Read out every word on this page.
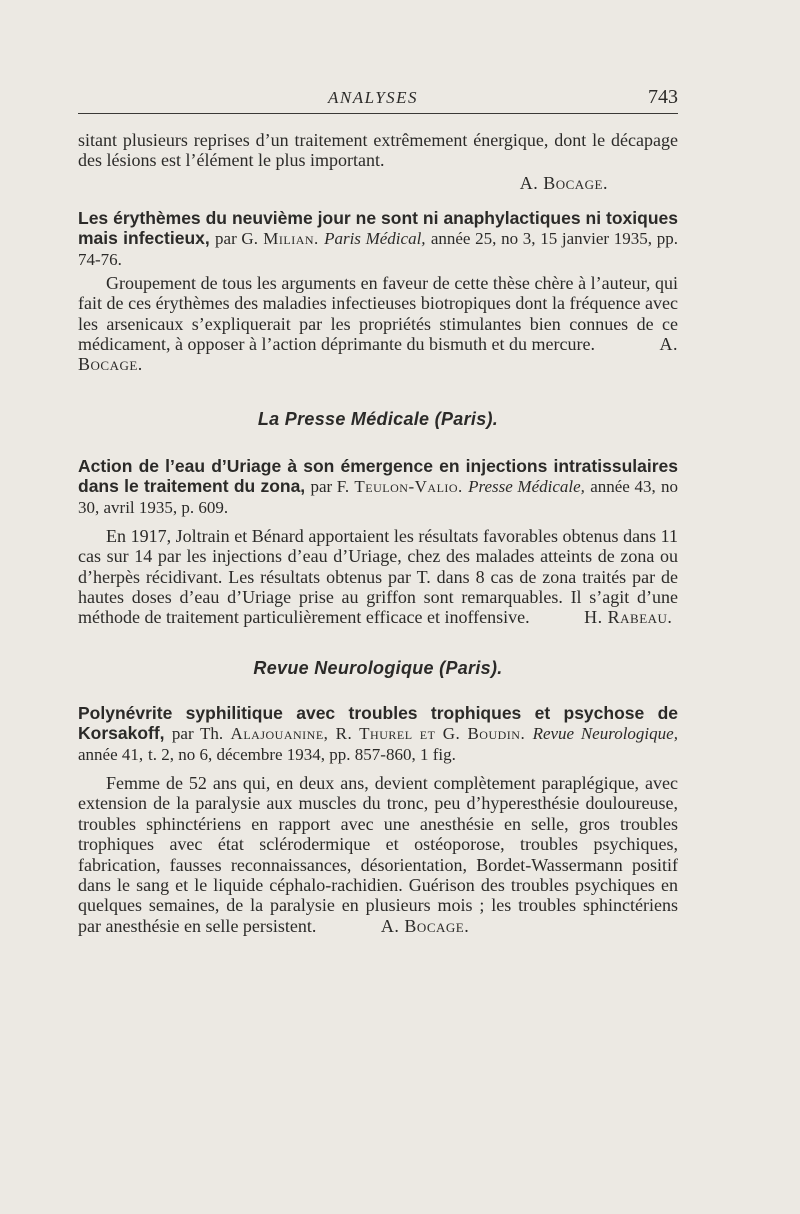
ANALYSES	743

sitant plusieurs reprises d’un traitement extrêmement énergique, dont le décapage des lésions est l’élément le plus important.

A. Bocage.

Les érythèmes du neuvième jour ne sont ni anaphylactiques ni toxiques mais infectieux, par G. Milian. Paris Médical, année 25, no 3, 15 janvier 1935, pp. 74-76.

Groupement de tous les arguments en faveur de cette thèse chère à l’auteur, qui fait de ces érythèmes des maladies infectieuses biotropiques dont la fréquence avec les arsenicaux s’expliquerait par les propriétés stimulantes bien connues de ce médicament, à opposer à l’action déprimante du bismuth et du mercure.	A. Bocage.

La Presse Médicale (Paris).

Action de l’eau d’Uriage à son émergence en injections intratissulaires dans le traitement du zona, par F. Teulon-Valio. Presse Médicale, année 43, no 30, avril 1935, p. 609.

En 1917, Joltrain et Bénard apportaient les résultats favorables obtenus dans 11 cas sur 14 par les injections d’eau d’Uriage, chez des malades atteints de zona ou d’herpès récidivant. Les résultats obtenus par T. dans 8 cas de zona traités par de hautes doses d’eau d’Uriage prise au griffon sont remarquables. Il s’agit d’une méthode de traitement particulièrement efficace et inoffensive.	H. Rabeau.

Revue Neurologique (Paris).

Polynévrite syphilitique avec troubles trophiques et psychose de Korsakoff, par Th. Alajouanine, R. Thurel et G. Boudin. Revue Neurologique, année 41, t. 2, no 6, décembre 1934, pp. 857-860, 1 fig.

Femme de 52 ans qui, en deux ans, devient complètement paraplégique, avec extension de la paralysie aux muscles du tronc, peu d’hyperesthésie douloureuse, troubles sphinctériens en rapport avec une anesthésie en selle, gros troubles trophiques avec état sclérodermique et ostéoporose, troubles psychiques, fabrication, fausses reconnaissances, désorientation, Bordet-Wassermann positif dans le sang et le liquide céphalo-rachidien. Guérison des troubles psychiques en quelques semaines, de la paralysie en plusieurs mois ; les troubles sphinctériens par anesthésie en selle persistent.	A. Bocage.
